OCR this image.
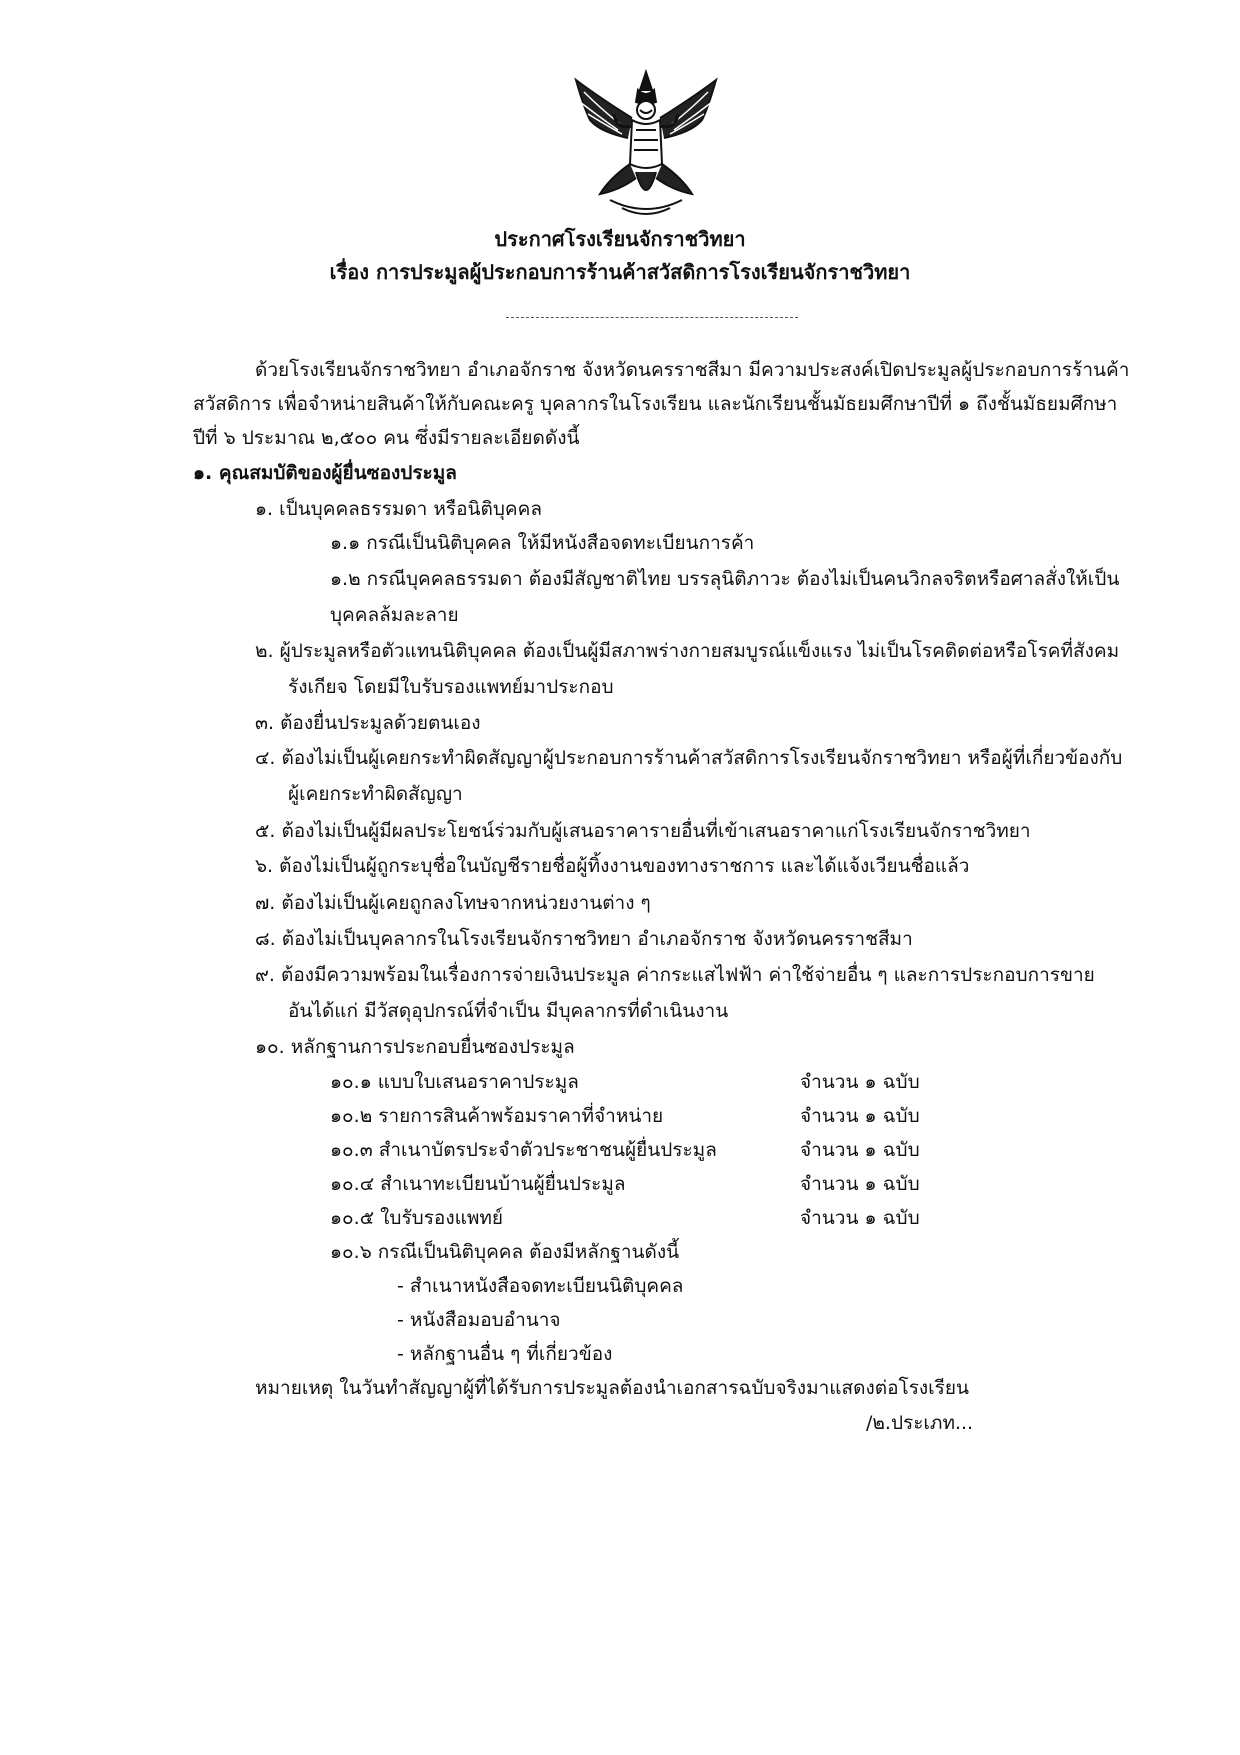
ประกาศโรงเรียนจักราชวิทยา
เรื่อง การประมูลผู้ประกอบการร้านค้าสวัสดิการโรงเรียนจักราชวิทยา
ด้วยโรงเรียนจักราชวิทยา อำเภอจักราช จังหวัดนครราชสีมา มีความประสงค์เปิดประมูลผู้ประกอบการร้านค้า
สวัสดิการ เพื่อจำหน่ายสินค้าให้กับคณะครู บุคลากรในโรงเรียน และนักเรียนชั้นมัธยมศึกษาปีที่ ๑ ถึงชั้นมัธยมศึกษา
ปีที่ ๖ ประมาณ ๒,๕๐๐ คน ซึ่งมีรายละเอียดดังนี้
๑. คุณสมบัติของผู้ยื่นซองประมูล
๑. เป็นบุคคลธรรมดา หรือนิติบุคคล
๑.๑ กรณีเป็นนิติบุคคล ให้มีหนังสือจดทะเบียนการค้า
๑.๒ กรณีบุคคลธรรมดา ต้องมีสัญชาติไทย บรรลุนิติภาวะ ต้องไม่เป็นคนวิกลจริตหรือศาลสั่งให้เป็น
บุคคลล้มละลาย
๒. ผู้ประมูลหรือตัวแทนนิติบุคคล ต้องเป็นผู้มีสภาพร่างกายสมบูรณ์แข็งแรง ไม่เป็นโรคติดต่อหรือโรคที่สังคม
รังเกียจ โดยมีใบรับรองแพทย์มาประกอบ
๓. ต้องยื่นประมูลด้วยตนเอง
๔. ต้องไม่เป็นผู้เคยกระทำผิดสัญญาผู้ประกอบการร้านค้าสวัสดิการโรงเรียนจักราชวิทยา หรือผู้ที่เกี่ยวข้องกับ
ผู้เคยกระทำผิดสัญญา
๕. ต้องไม่เป็นผู้มีผลประโยชน์ร่วมกับผู้เสนอราคารายอื่นที่เข้าเสนอราคาแก่โรงเรียนจักราชวิทยา
๖. ต้องไม่เป็นผู้ถูกระบุชื่อในบัญชีรายชื่อผู้ทิ้งงานของทางราชการ และได้แจ้งเวียนชื่อแล้ว
๗. ต้องไม่เป็นผู้เคยถูกลงโทษจากหน่วยงานต่าง ๆ
๘. ต้องไม่เป็นบุคลากรในโรงเรียนจักราชวิทยา อำเภอจักราช จังหวัดนครราชสีมา
๙. ต้องมีความพร้อมในเรื่องการจ่ายเงินประมูล ค่ากระแสไฟฟ้า ค่าใช้จ่ายอื่น ๆ และการประกอบการขาย
อันได้แก่ มีวัสดุอุปกรณ์ที่จำเป็น มีบุคลากรที่ดำเนินงาน
๑๐. หลักฐานการประกอบยื่นซองประมูล
๑๐.๑ แบบใบเสนอราคาประมูล	จำนวน ๑ ฉบับ
๑๐.๒ รายการสินค้าพร้อมราคาที่จำหน่าย	จำนวน ๑ ฉบับ
๑๐.๓ สำเนาบัตรประจำตัวประชาชนผู้ยื่นประมูล	จำนวน ๑ ฉบับ
๑๐.๔ สำเนาทะเบียนบ้านผู้ยื่นประมูล	จำนวน ๑ ฉบับ
๑๐.๕ ใบรับรองแพทย์	จำนวน ๑ ฉบับ
๑๐.๖ กรณีเป็นนิติบุคคล ต้องมีหลักฐานดังนี้
- สำเนาหนังสือจดทะเบียนนิติบุคคล
- หนังสือมอบอำนาจ
- หลักฐานอื่น ๆ ที่เกี่ยวข้อง
หมายเหตุ ในวันทำสัญญาผู้ที่ได้รับการประมูลต้องนำเอกสารฉบับจริงมาแสดงต่อโรงเรียน
/๒.ประเภท...
